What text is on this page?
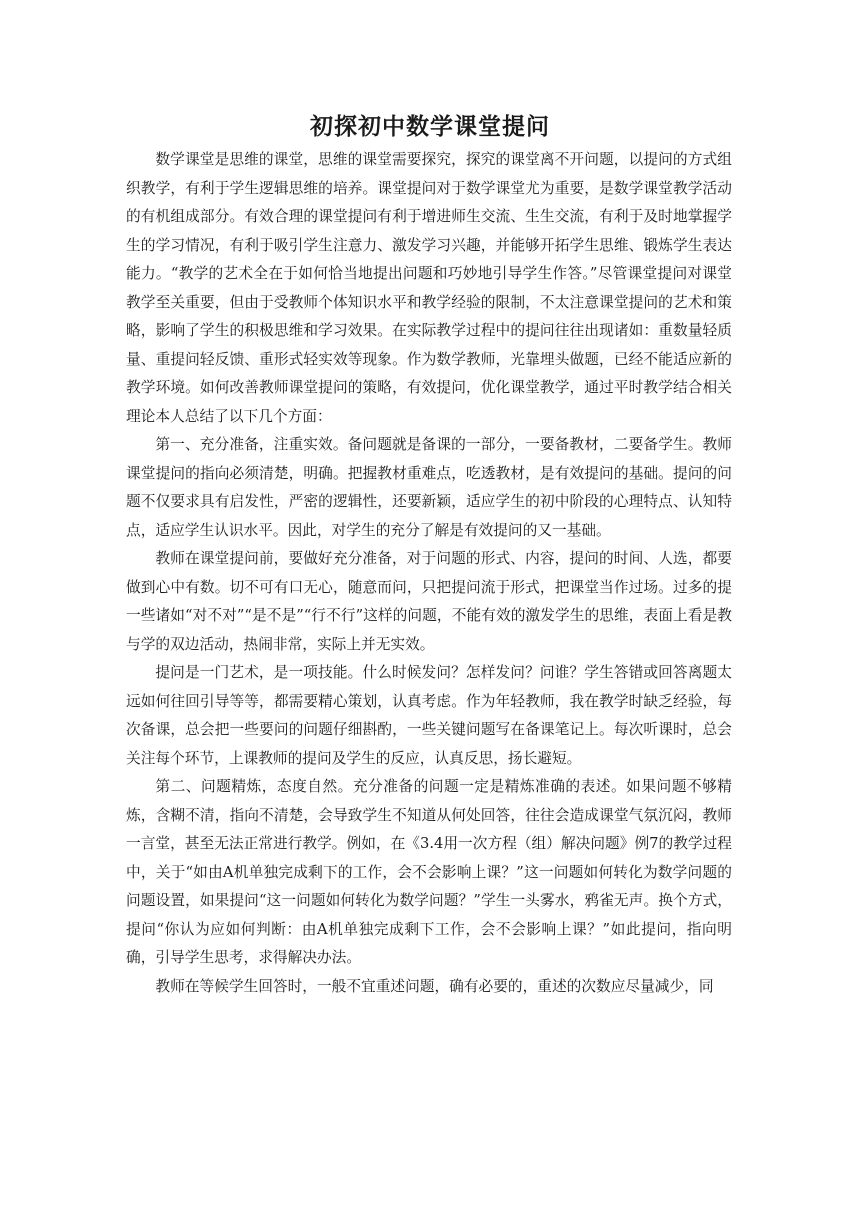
初探初中数学课堂提问

数学课堂是思维的课堂，思维的课堂需要探究，探究的课堂离不开问题，以提问的方式组织教学，有利于学生逻辑思维的培养。课堂提问对于数学课堂尤为重要，是数学课堂教学活动的有机组成部分。有效合理的课堂提问有利于增进师生交流、生生交流，有利于及时地掌握学生的学习情况，有利于吸引学生注意力、激发学习兴趣，并能够开拓学生思维、锻炼学生表达能力。“教学的艺术全在于如何恰当地提出问题和巧妙地引导学生作答。”尽管课堂提问对课堂教学至关重要，但由于受教师个体知识水平和教学经验的限制，不太注意课堂提问的艺术和策略，影响了学生的积极思维和学习效果。在实际教学过程中的提问往往出现诸如：重数量轻质量、重提问轻反馈、重形式轻实效等现象。作为数学教师，光靠埋头做题，已经不能适应新的教学环境。如何改善教师课堂提问的策略，有效提问，优化课堂教学，通过平时教学结合相关理论本人总结了以下几个方面：

第一、充分准备，注重实效。备问题就是备课的一部分，一要备教材，二要备学生。教师课堂提问的指向必须清楚，明确。把握教材重难点，吃透教材，是有效提问的基础。提问的问题不仅要求具有启发性，严密的逻辑性，还要新颖，适应学生的初中阶段的心理特点、认知特点，适应学生认识水平。因此，对学生的充分了解是有效提问的又一基础。

教师在课堂提问前，要做好充分准备，对于问题的形式、内容，提问的时间、人选，都要做到心中有数。切不可有口无心，随意而问，只把提问流于形式，把课堂当作过场。过多的提一些诸如“对不对”“是不是”“行不行”这样的问题，不能有效的激发学生的思维，表面上看是教与学的双边活动，热闹非常，实际上并无实效。

提问是一门艺术，是一项技能。什么时候发问？怎样发问？问谁？学生答错或回答离题太远如何往回引导等等，都需要精心策划，认真考虑。作为年轻教师，我在教学时缺乏经验，每次备课，总会把一些要问的问题仔细斟酌，一些关键问题写在备课笔记上。每次听课时，总会关注每个环节，上课教师的提问及学生的反应，认真反思，扬长避短。

第二、问题精炼，态度自然。充分准备的问题一定是精炼准确的表述。如果问题不够精炼，含糊不清，指向不清楚，会导致学生不知道从何处回答，往往会造成课堂气氛沉闷，教师一言堂，甚至无法正常进行教学。例如，在《3.4用一次方程（组）解决问题》例7的教学过程中，关于“如由A机单独完成剩下的工作，会不会影响上课？”这一问题如何转化为数学问题的问题设置，如果提问“这一问题如何转化为数学问题？”学生一头雾水，鸦雀无声。换个方式，提问“你认为应如何判断：由A机单独完成剩下工作，会不会影响上课？”如此提问，指向明确，引导学生思考，求得解决办法。

教师在等候学生回答时，一般不宜重述问题，确有必要的，重述的次数应尽量减少，同
